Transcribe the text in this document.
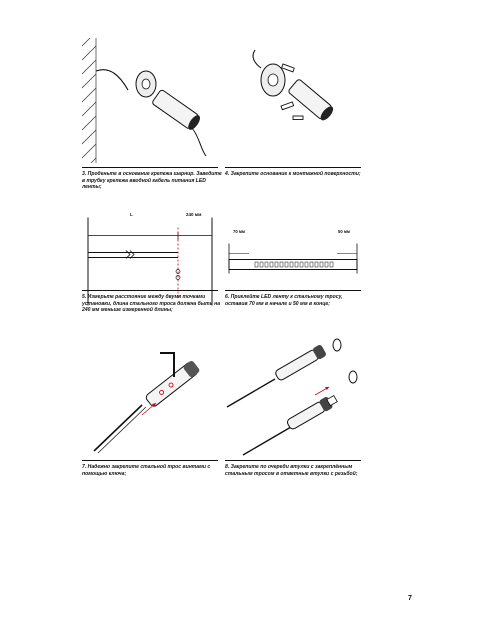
3. Проденьте в основание крепежа шарнир. Заведите в трубку крепежа вводной кабель питания LED ленты;
4. Закрепите основание к монтажной поверхности;
L	240 мм
5. Измерьте расстояние между двумя точками установки, длина стального троса должна быть на 240 мм меньше измеренной длины;
70 мм	50 мм
6. Приклейте LED ленту к стальному тросу, оставив 70 мм в начале и 50 мм в конце;
7. Надежно закрепите стальной трос винтами с помощью ключа;
8. Закрепите по очереди втулки с закреплённым стальным тросом в ответные втулки с резьбой;
7
